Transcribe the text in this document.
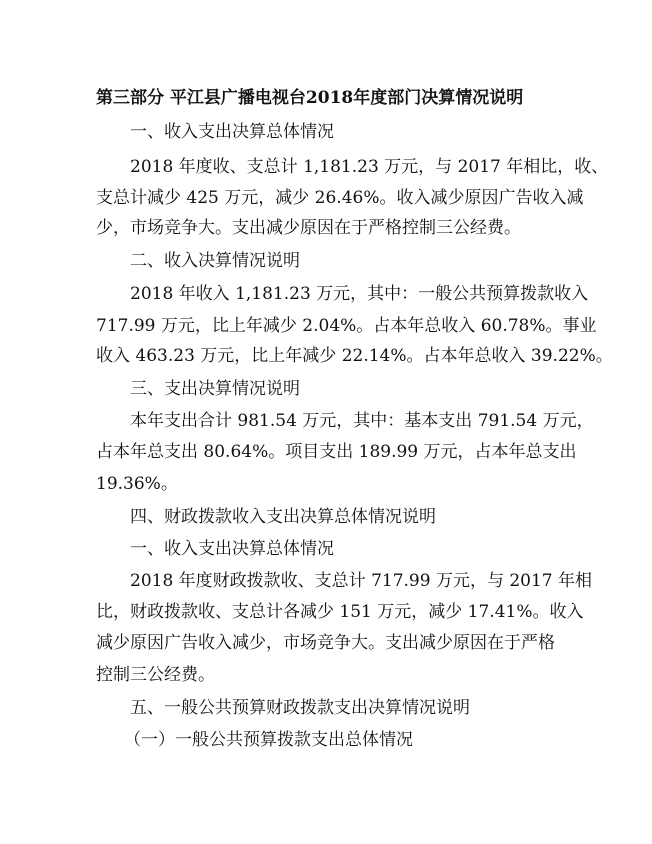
第三部分 平江县广播电视台2018年度部门决算情况说明
一、收入支出决算总体情况
2018 年度收、支总计 1,181.23 万元，与 2017 年相比，收、
支总计减少 425 万元，减少 26.46%。收入减少原因广告收入减
少，市场竞争大。支出减少原因在于严格控制三公经费。
二、收入决算情况说明
2018 年收入 1,181.23 万元，其中：一般公共预算拨款收入
717.99 万元，比上年减少 2.04%。占本年总收入 60.78%。事业
收入 463.23 万元，比上年减少 22.14%。占本年总收入 39.22%。
三、支出决算情况说明
本年支出合计 981.54 万元，其中：基本支出 791.54 万元，
占本年总支出 80.64%。项目支出 189.99 万元，占本年总支出
19.36%。
四、财政拨款收入支出决算总体情况说明
一、收入支出决算总体情况
2018 年度财政拨款收、支总计 717.99 万元，与 2017 年相
比，财政拨款收、支总计各减少 151 万元，减少 17.41%。收入
减少原因广告收入减少，市场竞争大。支出减少原因在于严格
控制三公经费。
五、一般公共预算财政拨款支出决算情况说明
（一）一般公共预算拨款支出总体情况
